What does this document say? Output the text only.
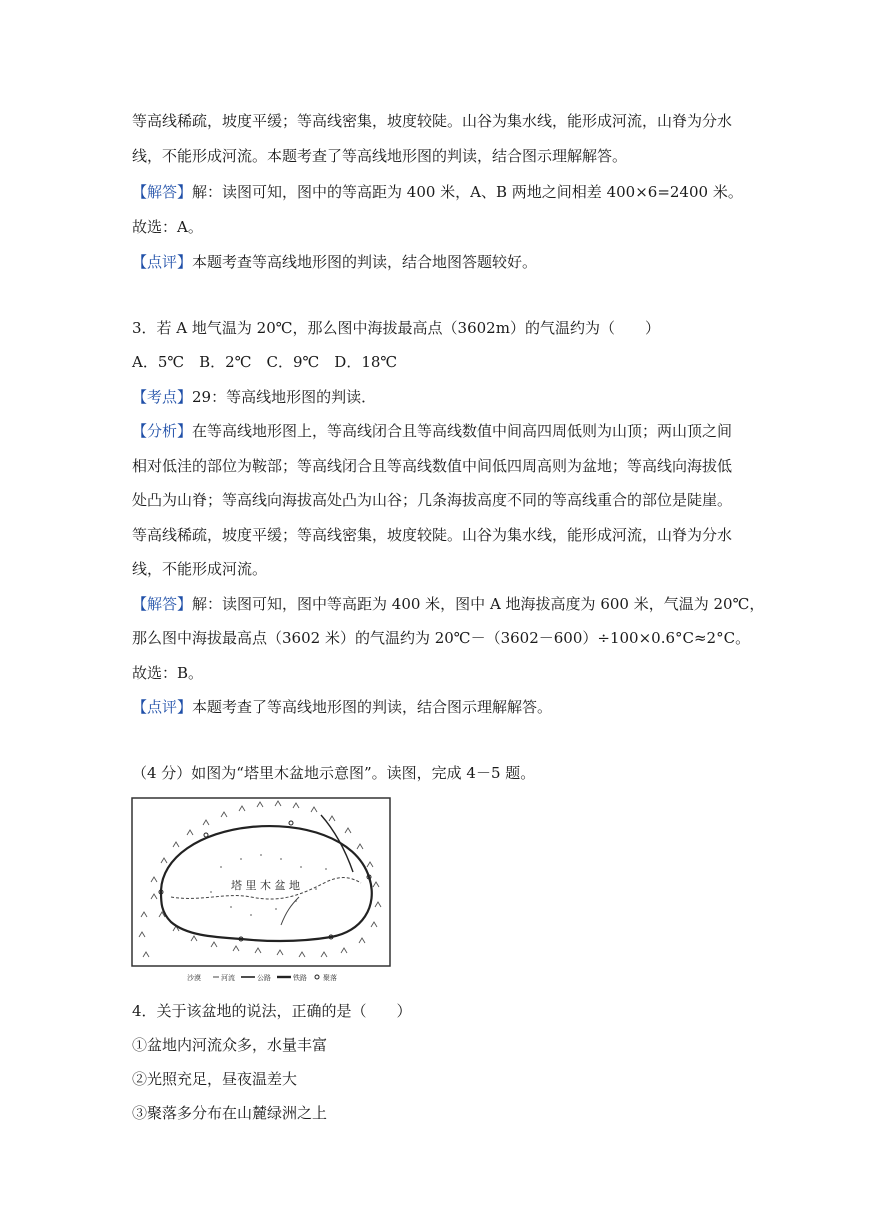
等高线稀疏，坡度平缓；等高线密集，坡度较陡。山谷为集水线，能形成河流，山脊为分水
线，不能形成河流。本题考查了等高线地形图的判读，结合图示理解解答。
【解答】解：读图可知，图中的等高距为 400 米，A、B 两地之间相差 400×6=2400 米。
故选：A。
【点评】本题考查等高线地形图的判读，结合地图答题较好。
3．若 A 地气温为 20℃，那么图中海拔最高点（3602m）的气温约为（　　）
A．5℃　B．2℃　C．9℃　D．18℃
【考点】29：等高线地形图的判读．
【分析】在等高线地形图上，等高线闭合且等高线数值中间高四周低则为山顶；两山顶之间
相对低洼的部位为鞍部；等高线闭合且等高线数值中间低四周高则为盆地；等高线向海拔低
处凸为山脊；等高线向海拔高处凸为山谷；几条海拔高度不同的等高线重合的部位是陡崖。
等高线稀疏，坡度平缓；等高线密集，坡度较陡。山谷为集水线，能形成河流，山脊为分水
线，不能形成河流。
【解答】解：读图可知，图中等高距为 400 米，图中 A 地海拔高度为 600 米，气温为 20℃，
那么图中海拔最高点（3602 米）的气温约为 20℃－（3602－600）÷100×0.6°C≈2°C。
故选：B。
【点评】本题考查了等高线地形图的判读，结合图示理解解答。
（4 分）如图为“塔里木盆地示意图”。读图，完成 4－5 题。
塔 里 木 盆 地
沙漠	河流	公路	铁路 聚落
4．关于该盆地的说法，正确的是（　　）
①盆地内河流众多，水量丰富
②光照充足，昼夜温差大
③聚落多分布在山麓绿洲之上
